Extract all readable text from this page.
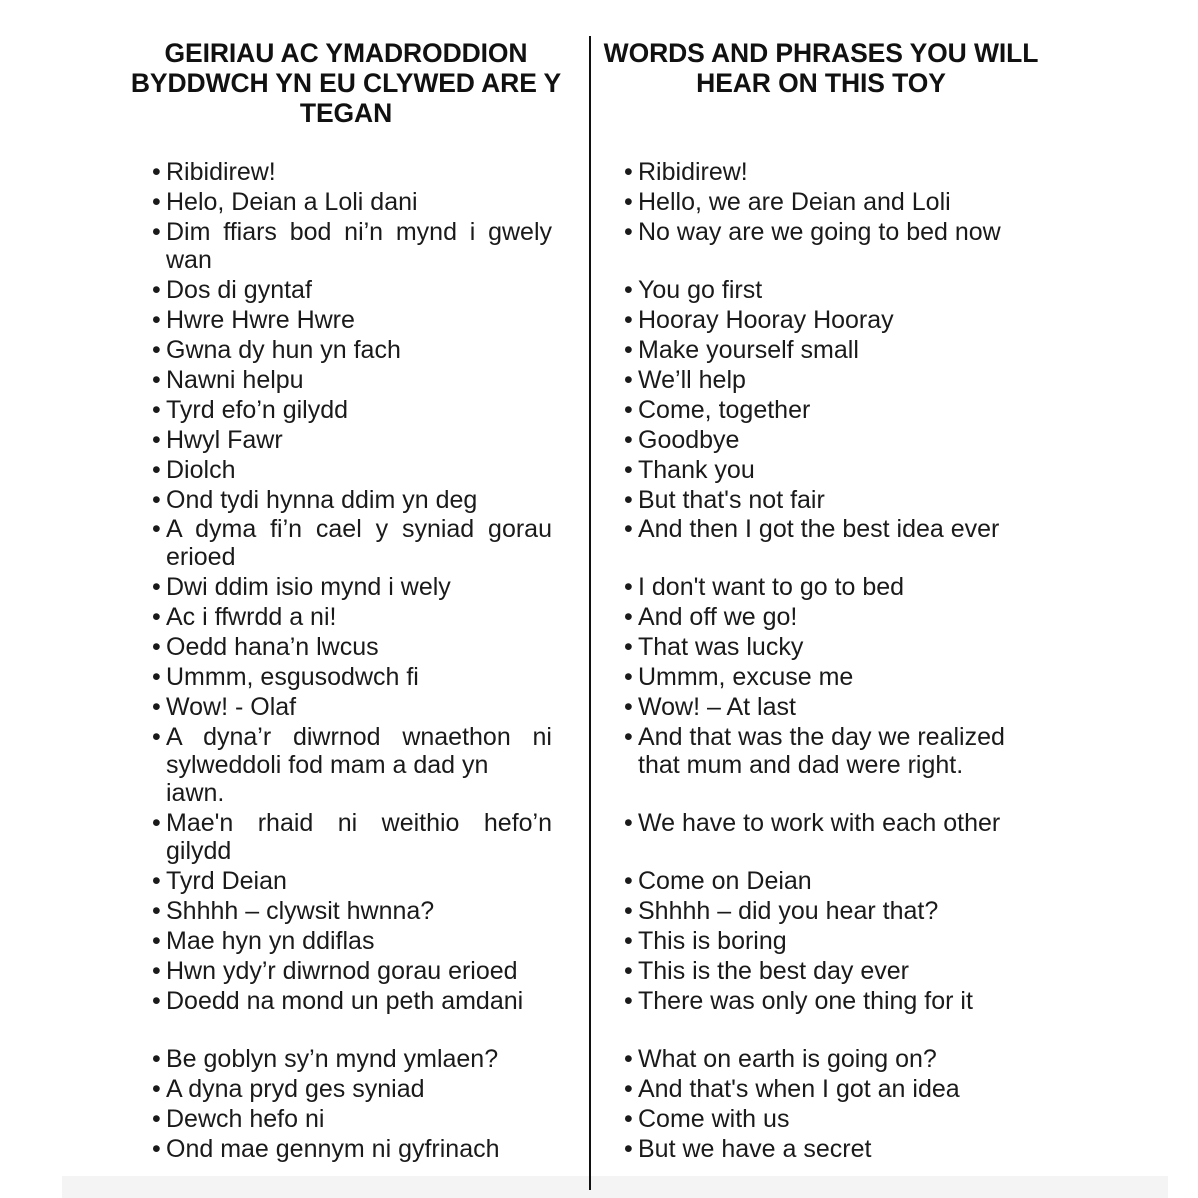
GEIRIAU AC YMADRODDION
BYDDWCH YN EU CLYWED ARE Y
TEGAN
WORDS AND PHRASES YOU WILL
HEAR ON THIS TOY
• Ribidirew!
• Helo, Deian a Loli dani
• Dim ffiars bod ni’n mynd i gwely
wan
• Dos di gyntaf
• Hwre Hwre Hwre
• Gwna dy hun yn fach
• Nawni helpu
• Tyrd efo’n gilydd
• Hwyl Fawr
• Diolch
• Ond tydi hynna ddim yn deg
• A dyma fi’n cael y syniad gorau
erioed
• Dwi ddim isio mynd i wely
• Ac i ffwrdd a ni!
• Oedd hana’n lwcus
• Ummm, esgusodwch fi
• Wow! - Olaf
• A dyna’r diwrnod wnaethon ni
sylweddoli fod mam a dad yn
iawn.
• Mae'n rhaid ni weithio hefo’n
gilydd
• Tyrd Deian
• Shhhh – clywsit hwnna?
• Mae hyn yn ddiflas
• Hwn ydy’r diwrnod gorau erioed
• Doedd na mond un peth amdani
• Be goblyn sy’n mynd ymlaen?
• A dyna pryd ges syniad
• Dewch hefo ni
• Ond mae gennym ni gyfrinach
• Ribidirew!
• Hello, we are Deian and Loli
• No way are we going to bed now
• You go first
• Hooray Hooray Hooray
• Make yourself small
• We’ll help
• Come, together
• Goodbye
• Thank you
• But that's not fair
• And then I got the best idea ever
• I don't want to go to bed
• And off we go!
• That was lucky
• Ummm, excuse me
• Wow! – At last
• And that was the day we realized
that mum and dad were right.
• We have to work with each other
• Come on Deian
• Shhhh – did you hear that?
• This is boring
• This is the best day ever
• There was only one thing for it
• What on earth is going on?
• And that's when I got an idea
• Come with us
• But we have a secret
